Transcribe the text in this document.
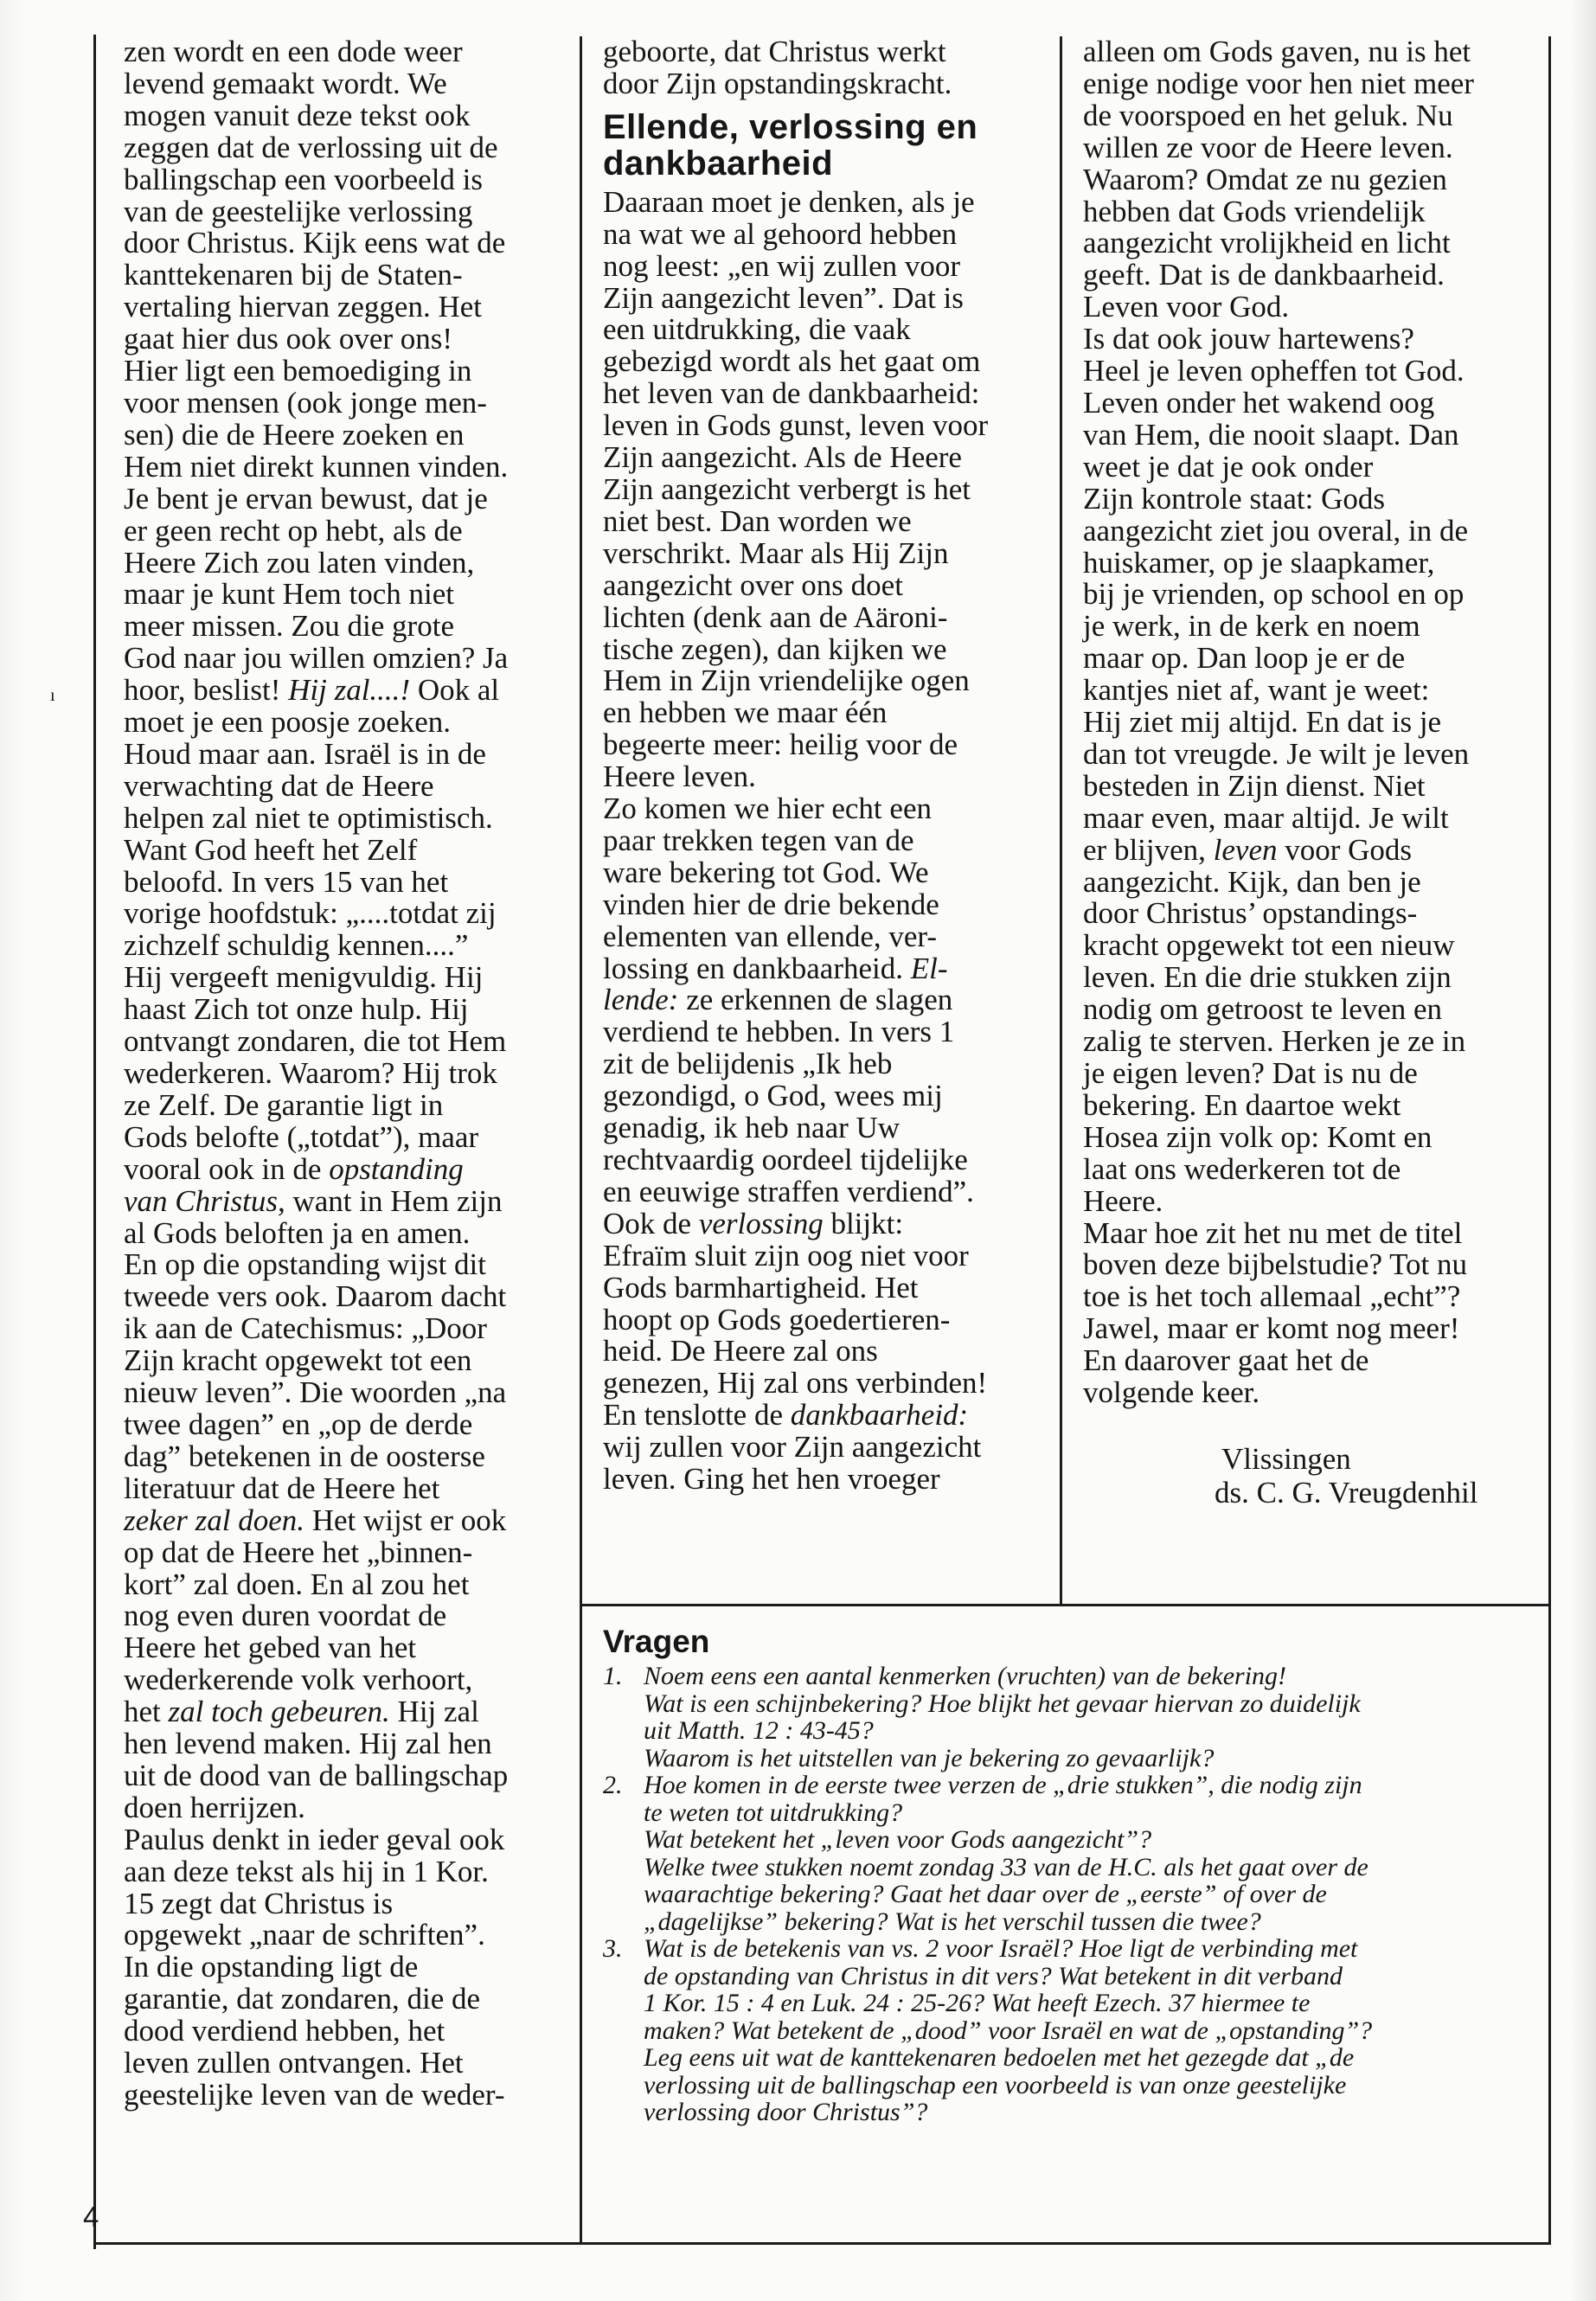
ı

zen wordt en een dode weer

levend gemaakt wordt. We

mogen vanuit deze tekst ook

zeggen dat de verlossing uit de

ballingschap een voorbeeld is

van de geestelijke verlossing

door Christus. Kijk eens wat de

kanttekenaren bij de Staten-

vertaling hiervan zeggen. Het

gaat hier dus ook over ons!

Hier ligt een bemoediging in

voor mensen (ook jonge men-

sen) die de Heere zoeken en

Hem niet direkt kunnen vinden.

Je bent je ervan bewust, dat je

er geen recht op hebt, als de

Heere Zich zou laten vinden,

maar je kunt Hem toch niet

meer missen. Zou die grote

God naar jou willen omzien? Ja

hoor, beslist! Hij zal....! Ook al

moet je een poosje zoeken.

Houd maar aan. Israël is in de

verwachting dat de Heere

helpen zal niet te optimistisch.

Want God heeft het Zelf

beloofd. In vers 15 van het

vorige hoofdstuk: „....totdat zij

zichzelf schuldig kennen....”

Hij vergeeft menigvuldig. Hij

haast Zich tot onze hulp. Hij

ontvangt zondaren, die tot Hem

wederkeren. Waarom? Hij trok

ze Zelf. De garantie ligt in

Gods belofte („totdat”), maar

vooral ook in de opstanding

van Christus, want in Hem zijn

al Gods beloften ja en amen.

En op die opstanding wijst dit

tweede vers ook. Daarom dacht

ik aan de Catechismus: „Door

Zijn kracht opgewekt tot een

nieuw leven”. Die woorden „na

twee dagen” en „op de derde

dag” betekenen in de oosterse

literatuur dat de Heere het

zeker zal doen. Het wijst er ook

op dat de Heere het „binnen-

kort” zal doen. En al zou het

nog even duren voordat de

Heere het gebed van het

wederkerende volk verhoort,

het zal toch gebeuren. Hij zal

hen levend maken. Hij zal hen

uit de dood van de ballingschap

doen herrijzen.

Paulus denkt in ieder geval ook

aan deze tekst als hij in 1 Kor.

15 zegt dat Christus is

opgewekt „naar de schriften”.

In die opstanding ligt de

garantie, dat zondaren, die de

dood verdiend hebben, het

leven zullen ontvangen. Het

geestelijke leven van de weder-

geboorte, dat Christus werkt

door Zijn opstandingskracht.

Ellende, verlossing en

dankbaarheid

Daaraan moet je denken, als je

na wat we al gehoord hebben

nog leest: „en wij zullen voor

Zijn aangezicht leven”. Dat is

een uitdrukking, die vaak

gebezigd wordt als het gaat om

het leven van de dankbaarheid:

leven in Gods gunst, leven voor

Zijn aangezicht. Als de Heere

Zijn aangezicht verbergt is het

niet best. Dan worden we

verschrikt. Maar als Hij Zijn

aangezicht over ons doet

lichten (denk aan de Aäroni-

tische zegen), dan kijken we

Hem in Zijn vriendelijke ogen

en hebben we maar één

begeerte meer: heilig voor de

Heere leven.

Zo komen we hier echt een

paar trekken tegen van de

ware bekering tot God. We

vinden hier de drie bekende

elementen van ellende, ver-

lossing en dankbaarheid. El-

lende: ze erkennen de slagen

verdiend te hebben. In vers 1

zit de belijdenis „Ik heb

gezondigd, o God, wees mij

genadig, ik heb naar Uw

rechtvaardig oordeel tijdelijke

en eeuwige straffen verdiend”.

Ook de verlossing blijkt:

Efraïm sluit zijn oog niet voor

Gods barmhartigheid. Het

hoopt op Gods goedertieren-

heid. De Heere zal ons

genezen, Hij zal ons verbinden!

En tenslotte de dankbaarheid:

wij zullen voor Zijn aangezicht

leven. Ging het hen vroeger

alleen om Gods gaven, nu is het

enige nodige voor hen niet meer

de voorspoed en het geluk. Nu

willen ze voor de Heere leven.

Waarom? Omdat ze nu gezien

hebben dat Gods vriendelijk

aangezicht vrolijkheid en licht

geeft. Dat is de dankbaarheid.

Leven voor God.

Is dat ook jouw hartewens?

Heel je leven opheffen tot God.

Leven onder het wakend oog

van Hem, die nooit slaapt. Dan

weet je dat je ook onder

Zijn kontrole staat: Gods

aangezicht ziet jou overal, in de

huiskamer, op je slaapkamer,

bij je vrienden, op school en op

je werk, in de kerk en noem

maar op. Dan loop je er de

kantjes niet af, want je weet:

Hij ziet mij altijd. En dat is je

dan tot vreugde. Je wilt je leven

besteden in Zijn dienst. Niet

maar even, maar altijd. Je wilt

er blijven, leven voor Gods

aangezicht. Kijk, dan ben je

door Christus’ opstandings-

kracht opgewekt tot een nieuw

leven. En die drie stukken zijn

nodig om getroost te leven en

zalig te sterven. Herken je ze in

je eigen leven? Dat is nu de

bekering. En daartoe wekt

Hosea zijn volk op: Komt en

laat ons wederkeren tot de

Heere.

Maar hoe zit het nu met de titel

boven deze bijbelstudie? Tot nu

toe is het toch allemaal „echt”?

Jawel, maar er komt nog meer!

En daarover gaat het de

volgende keer.

Vlissingen
ds. C. G. Vreugdenhil
Vragen
1. Noem eens een aantal kenmerken (vruchten) van de bekering!
Wat is een schijnbekering? Hoe blijkt het gevaar hiervan zo duidelijk
uit Matth. 12 : 43-45?
Waarom is het uitstellen van je bekering zo gevaarlijk?
2. Hoe komen in de eerste twee verzen de „drie stukken”, die nodig zijn
te weten tot uitdrukking?
Wat betekent het „leven voor Gods aangezicht”?
Welke twee stukken noemt zondag 33 van de H.C. als het gaat over de
waarachtige bekering? Gaat het daar over de „eerste” of over de
„dagelijkse” bekering? Wat is het verschil tussen die twee?
3. Wat is de betekenis van vs. 2 voor Israël? Hoe ligt de verbinding met
de opstanding van Christus in dit vers? Wat betekent in dit verband
1 Kor. 15 : 4 en Luk. 24 : 25-26? Wat heeft Ezech. 37 hiermee te
maken? Wat betekent de „dood” voor Israël en wat de „opstanding”?
Leg eens uit wat de kanttekenaren bedoelen met het gezegde dat „de
verlossing uit de ballingschap een voorbeeld is van onze geestelijke
verlossing door Christus”?
4
